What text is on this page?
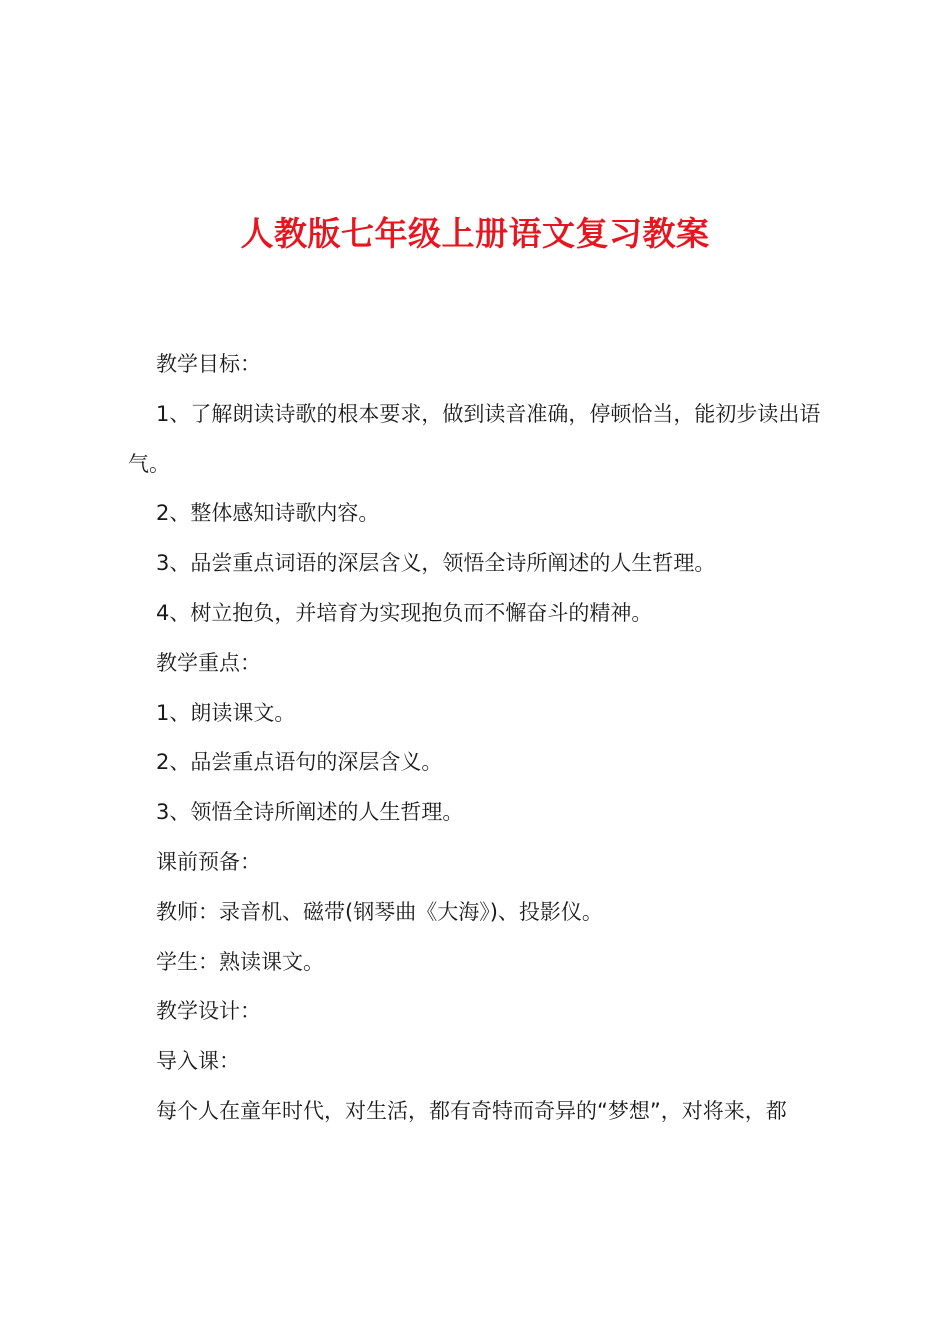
人教版七年级上册语文复习教案

教学目标：

1、了解朗读诗歌的根本要求，做到读音准确，停顿恰当，能初步读出语气。

2、整体感知诗歌内容。

3、品尝重点词语的深层含义，领悟全诗所阐述的人生哲理。

4、树立抱负，并培育为实现抱负而不懈奋斗的精神。

教学重点：

1、朗读课文。

2、品尝重点语句的深层含义。

3、领悟全诗所阐述的人生哲理。

课前预备：

教师：录音机、磁带(钢琴曲《大海》)、投影仪。

学生：熟读课文。

教学设计：

导入课：

每个人在童年时代，对生活，都有奇特而奇异的“梦想”，对将来，都
